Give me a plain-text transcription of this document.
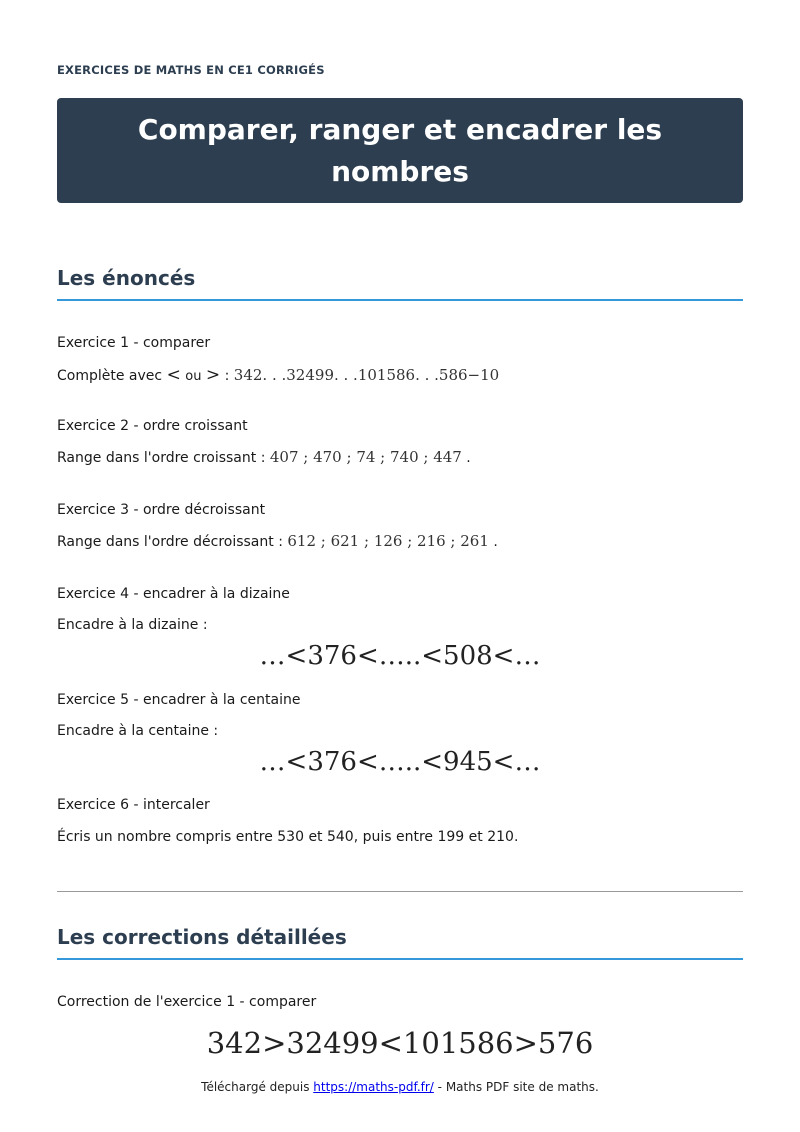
EXERCICES DE MATHS EN CE1 CORRIGÉS
Comparer, ranger et encadrer les nombres
Les énoncés
Exercice 1 - comparer
Complète avec < ou > : 342. . .32499. . .101586. . .586−10
Exercice 2 - ordre croissant
Range dans l'ordre croissant : 407 ; 470 ; 74 ; 740 ; 447 .
Exercice 3 - ordre décroissant
Range dans l'ordre décroissant : 612 ; 621 ; 126 ; 216 ; 261 .
Exercice 4 - encadrer à la dizaine
Encadre à la dizaine :
…<376<…..<508<…
Exercice 5 - encadrer à la centaine
Encadre à la centaine :
…<376<…..<945<…
Exercice 6 - intercaler
Écris un nombre compris entre 530 et 540, puis entre 199 et 210.
Les corrections détaillées
Correction de l'exercice 1 - comparer
342>32499<101586>576
Téléchargé depuis https://maths-pdf.fr/ - Maths PDF site de maths.
